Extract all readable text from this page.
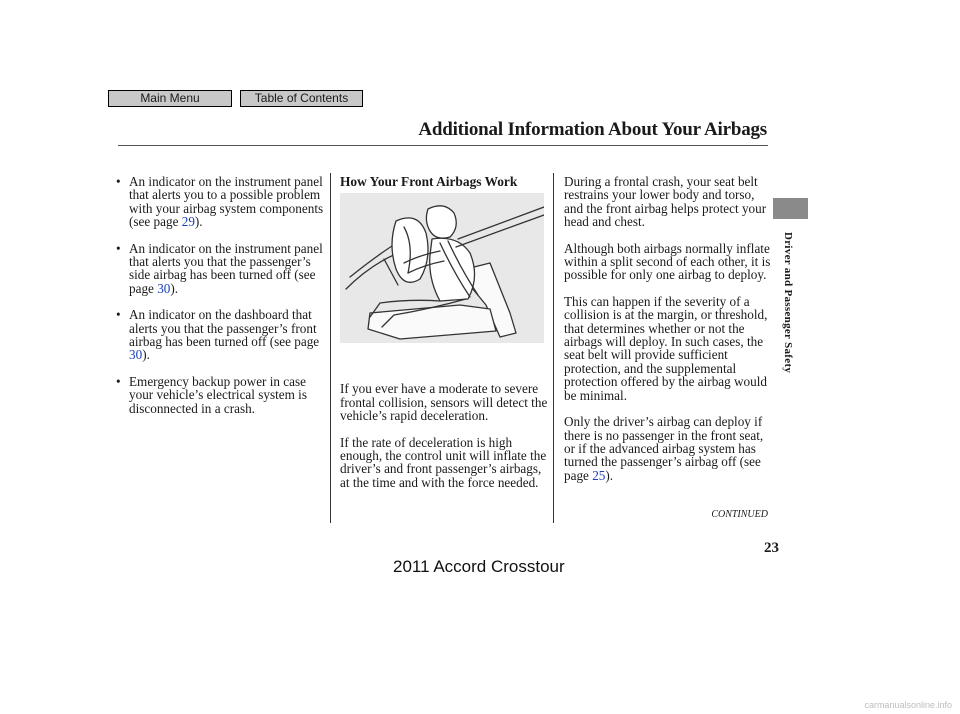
Main Menu	Table of Contents
Additional Information About Your Airbags
Driver and Passenger Safety

• An indicator on the instrument panel that alerts you to a possible problem with your airbag system components (see page 29).

• An indicator on the instrument panel that alerts you that the passenger’s side airbag has been turned off (see page 30).

• An indicator on the dashboard that alerts you that the passenger’s front airbag has been turned off (see page 30).

• Emergency backup power in case your vehicle’s electrical system is disconnected in a crash.

How Your Front Airbags Work

If you ever have a moderate to severe frontal collision, sensors will detect the vehicle’s rapid deceleration.

If the rate of deceleration is high enough, the control unit will inflate the driver’s and front passenger’s airbags, at the time and with the force needed.

During a frontal crash, your seat belt restrains your lower body and torso, and the front airbag helps protect your head and chest.

Although both airbags normally inflate within a split second of each other, it is possible for only one airbag to deploy.

This can happen if the severity of a collision is at the margin, or threshold, that determines whether or not the airbags will deploy. In such cases, the seat belt will provide sufficient protection, and the supplemental protection offered by the airbag would be minimal.

Only the driver’s airbag can deploy if there is no passenger in the front seat, or if the advanced airbag system has turned the passenger’s airbag off (see page 25).

CONTINUED
23
2011 Accord Crosstour
carmanualsonline.info
